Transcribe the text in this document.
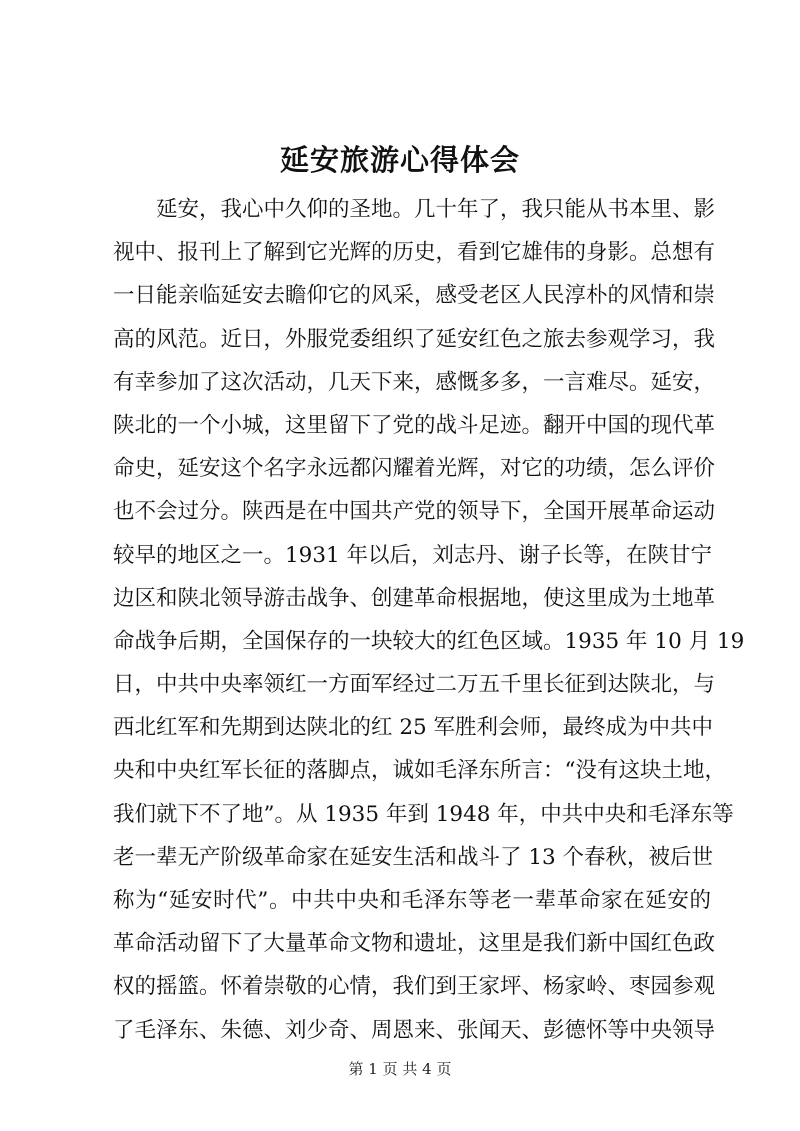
延安旅游心得体会
延安，我心中久仰的圣地。几十年了，我只能从书本里、影
视中、报刊上了解到它光辉的历史，看到它雄伟的身影。总想有
一日能亲临延安去瞻仰它的风采，感受老区人民淳朴的风情和崇
高的风范。近日，外服党委组织了延安红色之旅去参观学习，我
有幸参加了这次活动，几天下来，感慨多多，一言难尽。延安，
陕北的一个小城，这里留下了党的战斗足迹。翻开中国的现代革
命史，延安这个名字永远都闪耀着光辉，对它的功绩，怎么评价
也不会过分。陕西是在中国共产党的领导下，全国开展革命运动
较早的地区之一。1931 年以后，刘志丹、谢子长等，在陕甘宁
边区和陕北领导游击战争、创建革命根据地，使这里成为土地革
命战争后期，全国保存的一块较大的红色区域。1935 年 10 月 19
日，中共中央率领红一方面军经过二万五千里长征到达陕北，与
西北红军和先期到达陕北的红 25 军胜利会师，最终成为中共中
央和中央红军长征的落脚点，诚如毛泽东所言：“没有这块土地，
我们就下不了地”。从 1935 年到 1948 年，中共中央和毛泽东等
老一辈无产阶级革命家在延安生活和战斗了 13 个春秋，被后世
称为“延安时代”。中共中央和毛泽东等老一辈革命家在延安的
革命活动留下了大量革命文物和遗址，这里是我们新中国红色政
权的摇篮。怀着崇敬的心情，我们到王家坪、杨家岭、枣园参观
了毛泽东、朱德、刘少奇、周恩来、张闻天、彭德怀等中央领导
第 1 页 共 4 页
